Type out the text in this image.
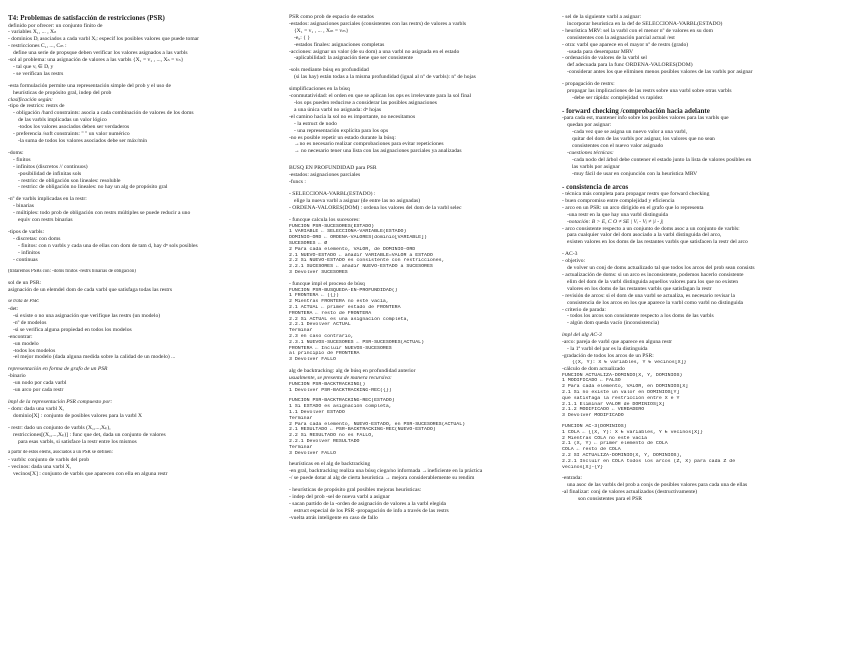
T4: Problemas de satisfacción de restricciones (PSR)
definido por ofrecer: un conjunto finito de
- variables X₁, ... , Xₙ
- dominios Dᵢ asociados a cada varbl Xᵢ: especif los posibles valores que puede tomar
- restricciones C₁, ..., Cₘ :
define una serie de propsque deben verificar los valores asignados a las varbls
-sol al problema: una asignación de valores a las varbls {X₁ = v₁ , ..., Xₙ = vₙ}
- tal que vᵢ ∈ Dᵢ y
- se verifican las restrs
-esta formulación permite una representación simple del prob y el uso de
heurísticas de propósito gral, indep del prob
clasificación según:
-tipo de restrics: restrs de
- obligación /hard constraints: asocia a cada combinación de valores de los doms
de las varbls implicadas un valor lógico
-todos los valores asociados deben ser verdaderos
- preferencia /soft constraints: " " un valor numérico
-la suma de todos los valores asociados debe ser máx/mín
-doms:
- finitos
- infinitos (discretos // continuos)
-posibilidad de infinitas sols
- restricc de obligación son lineales: resoluble
- restricc de obligación no lineales: no hay un alg de propósito gral
-nº de varbls implicadas en la restr:
- binarias
- múltiples: todo prob de obligación con restrs múltiples se puede reducir a uno
equiv con restrs binarias
-tipos de varbls:
- discretas: con doms
- finitos: con n varbls y cada una de ellas con dom de tam d, hay dⁿ sols posibles
- infinitos
- continuas
(trataremos PSRs con: -doms finitos -restrs binarias de obligación)
sol de un PSR:
asignación de un elemdel dom de cada varbl que satisfaga todas las restrs
se trata de PSR:
-det:
-si existe o no una asignación que verifique las restrs (un modelo)
-nº de modelos
-si se verifica alguna propiedad en todos los modelos
-encontrar:
-un modelo
-todos los modelos
-el mejor modelo (dada alguna medida sobre la calidad de un modelo) ...
representación en forma de grafo de un PSR
-binario
-un nodo por cada varbl
-un arco por cada restr
impl de la representación PSR compuesto por:
- dom: dada una varbl X,
dominio[X] : conjunto de posibles valores para la varbl X
- restr: dado un conjunto de varbls (X₁,...,Xₖ),
restricciones[(X₁,...,Xₖ)] : func que det, dada un conjunto de valores
para esas varbls, si satisface la restr entre los mismos
a partir de estos elems, asociados a un PSR se definen:
- varbls: conjunto de varbls del prob
- vecinos: dada una varbl X,
vecinos[X] : conjunto de varbls que aparecen con ella en alguna restr
PSR como prob de espacio de estados
-estados: asignaciones parciales (consistentes con las restrs) de valores a varbls
{X₁ = v₁ , ... , Xₘ = vₘ}
-e₀: { }
-estados finales: asignaciones completas
-acciones: asignar un valor (de su dom) a una varbl no asignada en el estado
-aplicabilidad: la asignación tiene que ser consistente
-sols mediante búsq en profundidad
(si las hay) están todas a la misma profundidad (igual al nº de varbls): nº de hojas
simplificaciones en la búsq
-conmutatividad: el orden en que se aplican los ops es irrelevante para la sol final
-los ops pueden reducirse a considerar las posibles asignaciones
a una única varbl no asignada: dⁿ hojas
-el camino hacia la sol no es importante, no necesitamos
- la estruct de nodo
- una representación explícita para los ops
-no es posible repetir un estado durante la búsq:
→no es necesario realizar comprobaciones para evitar repeticiones
→ no necesario tener una lista con las asignaciones parciales ya analizadas
BÚSQ EN PROFUNDIDAD para PSR
-estados: asignaciones parciales
-funcs :
- SELECCIONA-VARBL(ESTADO) :
elige la nueva varbl a asignar (de entre las no asignadas)
- ORDENA-VALORES(DOM) : ordena los valores del dom de la varbl selec
- funcque calcula los sucesores:
FUNCIÓN PSR-SUCESORES(ESTADO)
1 VARIABLE ← SELECCIONA-VARIABLE(ESTADO)
DOMINIO-ORD ← ORDENA-VALORES(dominio[VARIABLE])
SUCESORES ← Ø
2 Para cada elemento, VALOR, de DOMINIO-ORD
2.1 NUEVO-ESTADO ← añadir VARIABLE=VALOR a ESTADO
2.2 Si NUEVO-ESTADO es consistente con restricciones,
2.2.1 SUCESORES ← añadir NUEVO-ESTADO a SUCESORES
3 Devolver SUCESORES
- funcque impl el proceso de búsq
FUNCIÓN PSR-BÚSQUEDA-EN-PROFUNDIDAD()
1 FRONTERA ← ({})
2 Mientras FRONTERA no esté vacía,
2.1 ACTUAL ← primer estado de FRONTERA
FRONTERA ← resto de FRONTERA
2.2 Si ACTUAL es una asignación completa,
2.2.1 Devolver ACTUAL
Terminar
2.3 en caso contrario,
2.3.1 NUEVOS-SUCESORES ← PSR-SUCESORES(ACTUAL)
FRONTERA ← Incluir NUEVOS-SUCESORES
al principio de FRONTERA
3 Devolver FALLO
alg de backtracking: alg de búsq en profundidad anterior
usualmente, se presenta de manera recursiva:
FUNCIÓN PSR-BACKTRACKING()
1 Devolver PSR-BACKTRACKING-REC({})
FUNCIÓN PSR-BACKTRACKING-REC(ESTADO)
1 Si ESTADO es asignación completa,
1.1 Devolver ESTADO
Terminar
2 Para cada elemento, NUEVO-ESTADO, en PSR-SUCESORES(ACTUAL)
2.1 RESULTADO ← PSR-BACKTRACKING-REC(NUEVO-ESTADO)
2.2 Si RESULTADO no es FALLO,
2.2.1 Devolver RESULTADO
Terminar
3 Devolver FALLO
heurísticas en el alg de backtracking
-en gral, backtracking realiza una búsq ciega/no informada →ineficiente en la práctica
-/ se puede dotar al alg de cierta heurística → mejora considerablemente su rendim
- heurísticas de propósito gral posibles mejoras heurísticas:
- indep del prob -sel de nueva varbl a asignar
- sacan partido de la -orden de asignación de valores a la varbl elegida
estruct especial de los PSR -propagación de info a través de las restrs
-vuelta atrás inteligente en caso de fallo
- sel de la siguiente varbl a asignar:
incorporar heurística en la def de SELECCIONA-VARBL(ESTADO)
- heurística MRV: sel la varbl con el menor nº de valores en su dom
consistentes con la asignación parcial actual /est
- otra: varbl que aparece en el mayor nº de restrs (grado)
-usada para desempatar MRV
- ordenación de valores de la varbl sel
def adecuada para la func ORDENA-VALORES(DOM)
-considerar antes los que eliminen menos posibles valores de las varbls por asignar
- propagación de restrs:
propagar las implicaciones de las restrs sobre una varbl sobre otras varbls
-debe ser rápida: complejidad vs rapidez
- forward checking /comprobación hacia adelante
-para cada est, mantener info sobre los posibles valores para las varbls que
quedan por asignar:
-cada vez que se asigna un nuevo valor a una varbl,
quitar del dom de las varbls por asignar, los valores que no sean
consistentes con el nuevo valor asignado
-cuestiones técnicas:
-cada nodo del árbol debe contener el estado junto la lista de valores posibles en
las varbls por asignar
-muy fácil de usar en conjunción con la heurística MRV
- consistencia de arcos
- técnica más completa para propagar restrs que forward checking
- buen compromiso entre complejidad y eficiencia
- arco en un PSR: un arco dirigido en el grafo que lo representa
-una restr en la que hay una varbl distinguida
-notación: B > E, C O ≠ SE | Vᵢ - Vⱼ ≠ |i - j|
- arco consistente respecto a un conjunto de doms asoc a un conjunto de varbls:
para cualquier valor del dom asociado a la varbl distinguida del arco,
existen valores en los doms de las restantes varbls que satisfacen la restr del arco
- AC-3
- objetivo:
de volver un conj de doms actualizado tal que todos los arcos del prob sean consists
- actualización de doms: si un arco es inconsistente, podemos hacerlo consistente
elim del dom de la varbl distinguida aquellos valores para los que no existen
valores en los doms de las restantes varbls que satisfagan la restr
- revisión de arcos: si el dom de una varbl se actualiza, es necesario revisar la
consistencia de los arcos en los que aparece la varbl como varbl no distinguida
- criterio de parada:
- todos los arcos son consistente respecto a los doms de las varbls
- algún dom queda vacío (inconsistencia)
impl del alg AC-3
-arco: pareja de varbl que aparece en alguna restr
- la 1ª varbl del par es la distinguida
-gradación de todos los arcos de un PSR:
{(X, Y): X ∈ variables, Y ∈ vecinos[X]}
-cálculo de dom actualizado
FUNCIÓN ACTUALIZA-DOMINIO(X, Y, DOMINIOS)
1 MODIFICADO ← FALSO
2 Para cada elemento, VALOR, en DOMINIOS[X]
2.1 Si no existe un valor en DOMINIOS[Y]
que satisfaga la restricción entre X e Y
2.1.1 Eliminar VALOR de DOMINIOS[X]
2.1.2 MODIFICADO ← VERDADERO
3 Devolver MODIFICADO
FUNCIÓN AC-3(DOMINIOS)
1 COLA ← {(X, Y): X ∈ variables, Y ∈ vecinos[X]}
2 Mientras COLA no esté vacía
2.1 (X, Y) ← primer elemento de COLA
COLA ← resto de COLA
2.2 SI ACTUALIZA-DOMINIO(X, Y, DOMINIOS),
2.2.1 Incluir en COLA todos los arcos (Z, X) para cada Z de
vecinos[X]-{Y}
-entrada:
una asoc de las varbls del prob a conjs de posibles valores para cada una de ellas
-al finalizar: conj de valores actualizados (destructivamente)
son consistentes para el PSR
